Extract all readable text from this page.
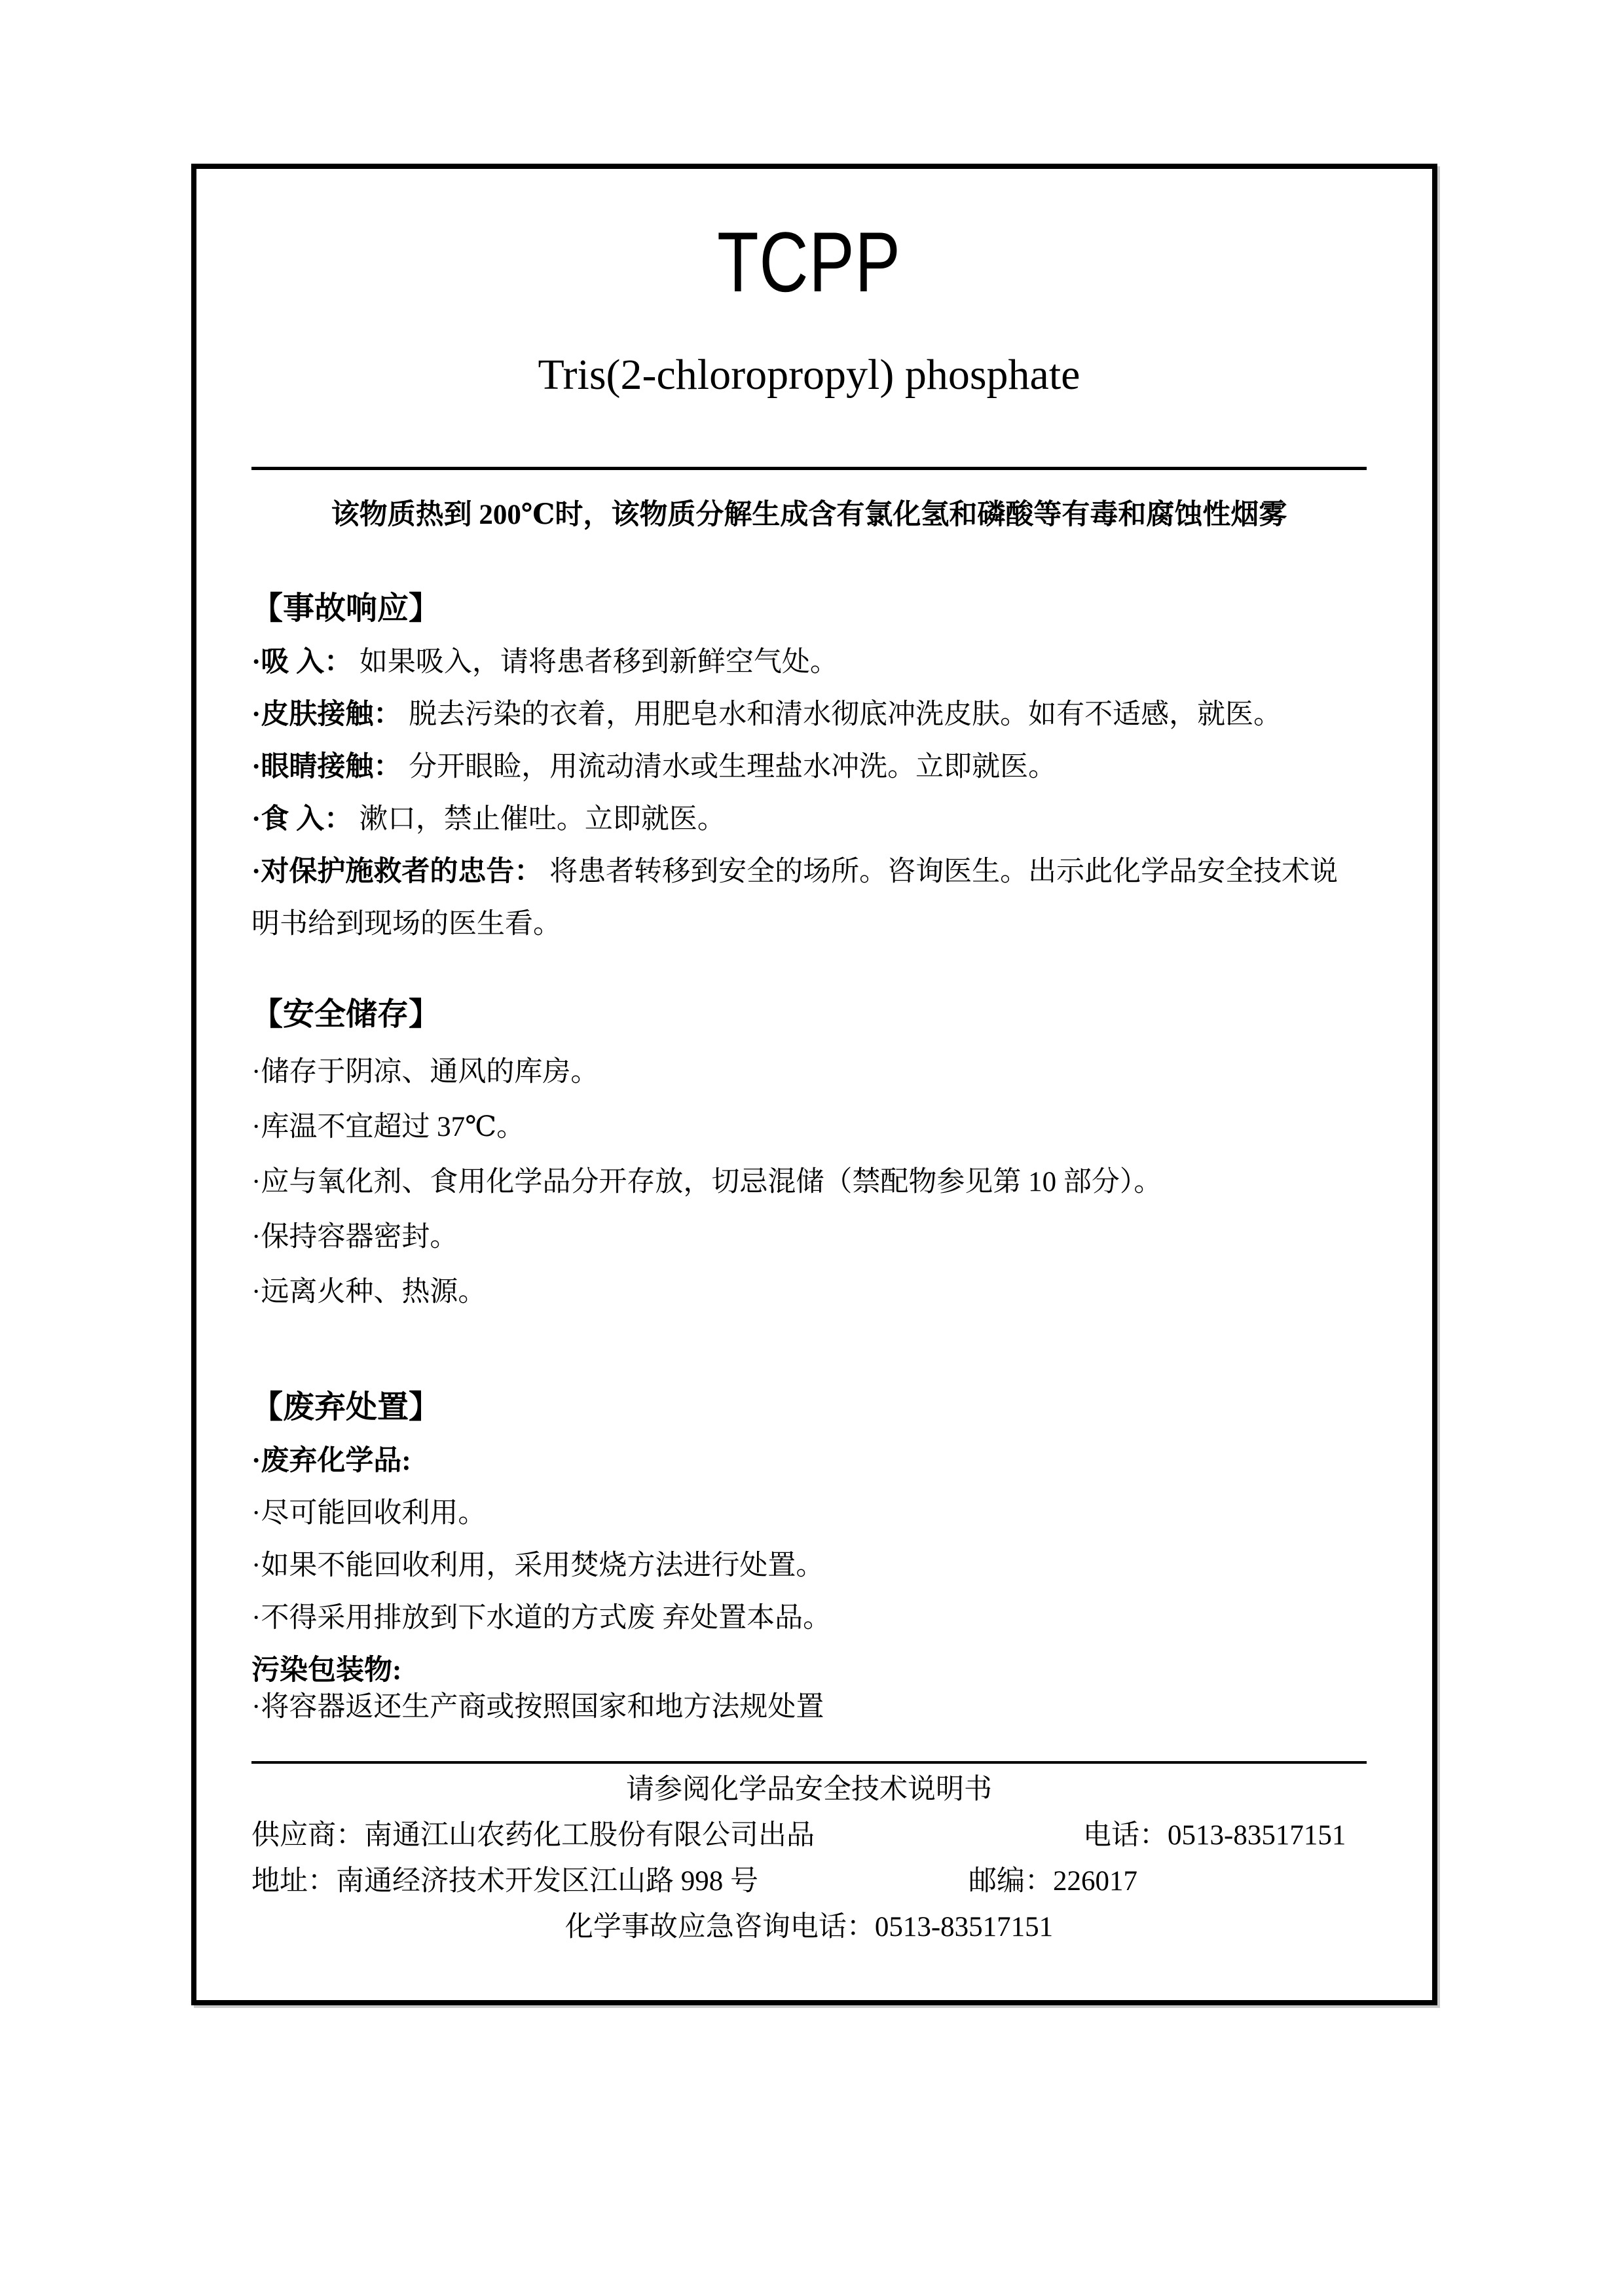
TCPP
Tris(2-chloropropyl) phosphate

该物质热到 200℃时，该物质分解生成含有氯化氢和磷酸等有毒和腐蚀性烟雾

【事故响应】

·吸 入： 如果吸入，请将患者移到新鲜空气处。

·皮肤接触： 脱去污染的衣着，用肥皂水和清水彻底冲洗皮肤。如有不适感，就医。

·眼睛接触： 分开眼睑，用流动清水或生理盐水冲洗。立即就医。

·食 入： 漱口，禁止催吐。立即就医。

·对保护施救者的忠告： 将患者转移到安全的场所。咨询医生。出示此化学品安全技术说
明书给到现场的医生看。

【安全储存】

·储存于阴凉、通风的库房。

·库温不宜超过 37℃。

·应与氧化剂、食用化学品分开存放，切忌混储（禁配物参见第 10 部分）。

·保持容器密封。

·远离火种、热源。

【废弃处置】

·废弃化学品:

·尽可能回收利用。

·如果不能回收利用，采用焚烧方法进行处置。

·不得采用排放到下水道的方式废 弃处置本品。

污染包装物:

·将容器返还生产商或按照国家和地方法规处置

请参阅化学品安全技术说明书

供应商：南通江山农药化工股份有限公司出品	电话：0513-83517151

地址：南通经济技术开发区江山路 998 号	邮编：226017

化学事故应急咨询电话：0513-83517151
